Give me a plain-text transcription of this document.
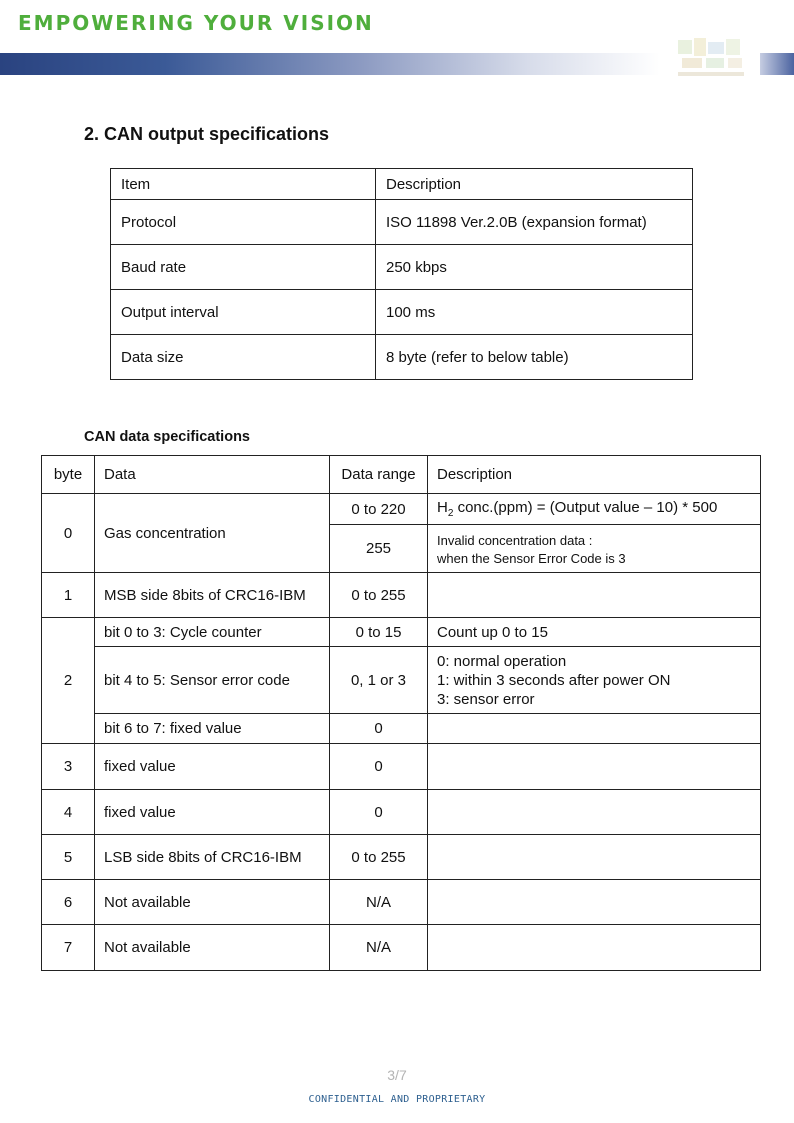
EMPOWERING YOUR VISION
2. CAN output specifications
Item	Description
Protocol	ISO 11898 Ver.2.0B (expansion format)
Baud rate	250 kbps
Output interval	100 ms
Data size	8 byte (refer to below table)
CAN data specifications
byte	Data	Data range	Description
0	Gas concentration	0 to 220	$H_2$ conc.(ppm) = (Output value – 10) * 500
		255	Invalid concentration data :
when the Sensor Error Code is 3

1	MSB side 8bits of CRC16-IBM	0 to 255	
2	bit 0 to 3: Cycle counter	0 to 15	Count up 0 to 15
	bit 4 to 5: Sensor error code	0, 1 or 3	0: normal operation
1: within 3 seconds after power ON
3: sensor error

	bit 6 to 7: fixed value	0	
3	fixed value	0	
4	fixed value	0	
5	LSB side 8bits of CRC16-IBM	0 to 255	
6	Not available	N/A	
7	Not available	N/A	
3/7
CONFIDENTIAL AND PROPRIETARY
